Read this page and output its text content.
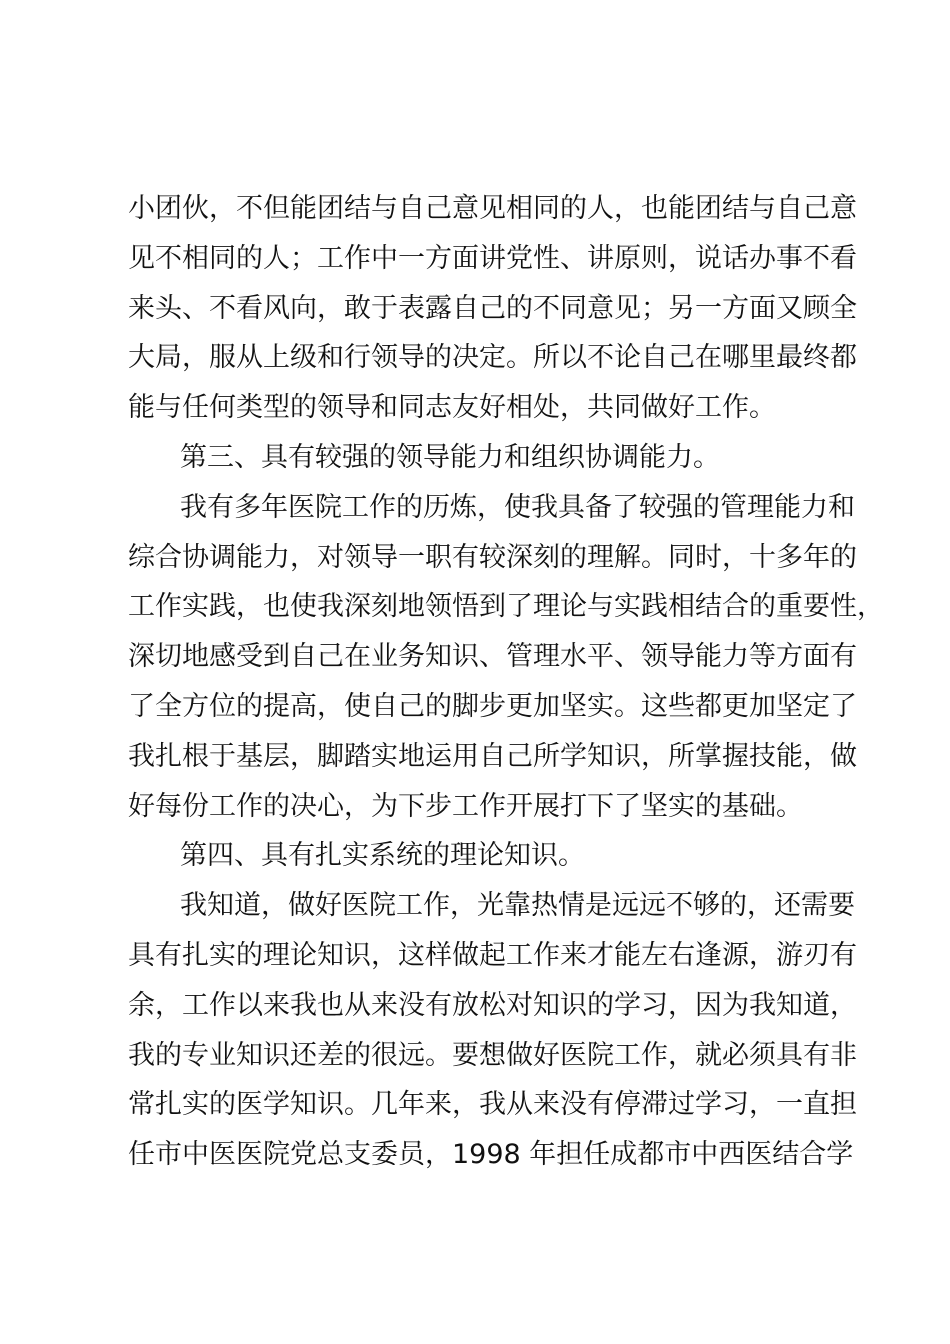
小团伙，不但能团结与自己意见相同的人，也能团结与自己意
见不相同的人；工作中一方面讲党性、讲原则，说话办事不看
来头、不看风向，敢于表露自己的不同意见；另一方面又顾全
大局，服从上级和行领导的决定。所以不论自己在哪里最终都
能与任何类型的领导和同志友好相处，共同做好工作。
第三、具有较强的领导能力和组织协调能力。
我有多年医院工作的历炼，使我具备了较强的管理能力和
综合协调能力，对领导一职有较深刻的理解。同时，十多年的
工作实践，也使我深刻地领悟到了理论与实践相结合的重要性，
深切地感受到自己在业务知识、管理水平、领导能力等方面有
了全方位的提高，使自己的脚步更加坚实。这些都更加坚定了
我扎根于基层，脚踏实地运用自己所学知识，所掌握技能，做
好每份工作的决心，为下步工作开展打下了坚实的基础。
第四、具有扎实系统的理论知识。
我知道，做好医院工作，光靠热情是远远不够的，还需要
具有扎实的理论知识，这样做起工作来才能左右逢源，游刃有
余，工作以来我也从来没有放松对知识的学习，因为我知道，
我的专业知识还差的很远。要想做好医院工作，就必须具有非
常扎实的医学知识。几年来，我从来没有停滞过学习，一直担
任市中医医院党总支委员，1998 年担任成都市中西医结合学
